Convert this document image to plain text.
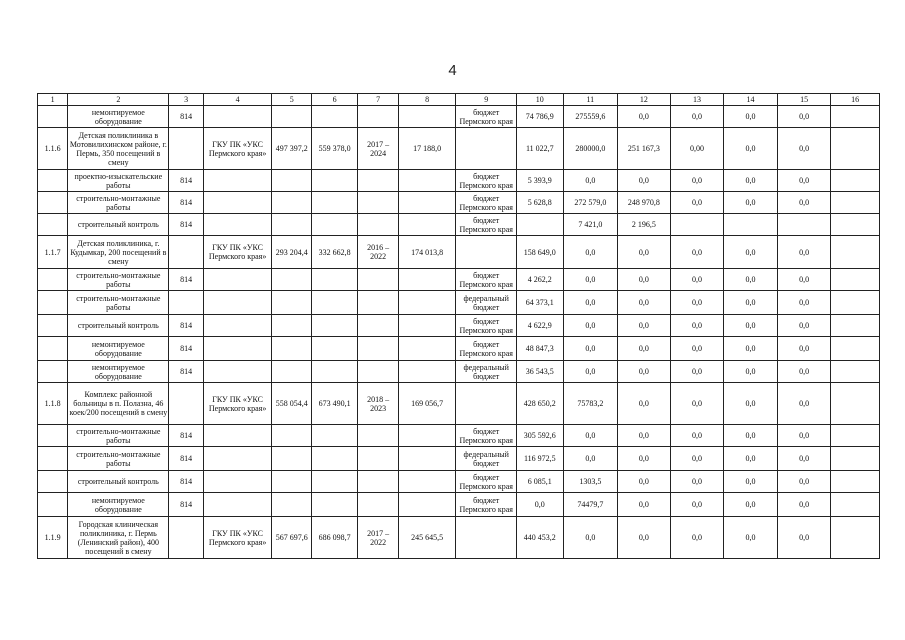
4
1	2	3	4	5	6	7	8	9	10	11	12	13	14	15	16
	немонтируемое оборудование	814						бюджет Пермского края	74 786,9	275559,6	0,0	0,0	0,0	0,0	
1.1.6	Детская поликлиника в Мотовилихинском районе, г. Пермь, 350 посещений в смену		ГКУ ПК «УКС Пермского края»	497 397,2	559 378,0	2017 – 2024	17 188,0		11 022,7	280000,0	251 167,3	0,00	0,0	0,0	
	проектно-изыскательские работы	814						бюджет Пермского края	5 393,9	0,0	0,0	0,0	0,0	0,0	
	строительно-монтажные работы	814						бюджет Пермского края	5 628,8	272 579,0	248 970,8	0,0	0,0	0,0	
	строительный контроль	814						бюджет Пермского края		7 421,0	2 196,5				
1.1.7	Детская поликлиника, г. Кудымкар, 200 посещений в смену		ГКУ ПК «УКС Пермского края»	293 204,4	332 662,8	2016 – 2022	174 013,8		158 649,0	0,0	0,0	0,0	0,0	0,0	
	строительно-монтажные работы	814						бюджет Пермского края	4 262,2	0,0	0,0	0,0	0,0	0,0	
	строительно-монтажные работы							федеральный бюджет	64 373,1	0,0	0,0	0,0	0,0	0,0	
	строительный контроль	814						бюджет Пермского края	4 622,9	0,0	0,0	0,0	0,0	0,0	
	немонтируемое оборудование	814						бюджет Пермского края	48 847,3	0,0	0,0	0,0	0,0	0,0	
	немонтируемое оборудование	814						федеральный бюджет	36 543,5	0,0	0,0	0,0	0,0	0,0	
1.1.8	Комплекс районной больницы в п. Полазна, 46 коек/200 посещений в смену		ГКУ ПК «УКС Пермского края»	558 054,4	673 490,1	2018 – 2023	169 056,7		428 650,2	75783,2	0,0	0,0	0,0	0,0	
	строительно-монтажные работы	814						бюджет Пермского края	305 592,6	0,0	0,0	0,0	0,0	0,0	
	строительно-монтажные работы	814						федеральный бюджет	116 972,5	0,0	0,0	0,0	0,0	0,0	
	строительный контроль	814						бюджет Пермского края	6 085,1	1303,5	0,0	0,0	0,0	0,0	
	немонтируемое оборудование	814						бюджет Пермского края	0,0	74479,7	0,0	0,0	0,0	0,0	
1.1.9	Городская клиническая поликлиника, г. Пермь (Ленинский район), 400 посещений в смену		ГКУ ПК «УКС Пермского края»	567 697,6	686 098,7	2017 – 2022	245 645,5		440 453,2	0,0	0,0	0,0	0,0	0,0	
